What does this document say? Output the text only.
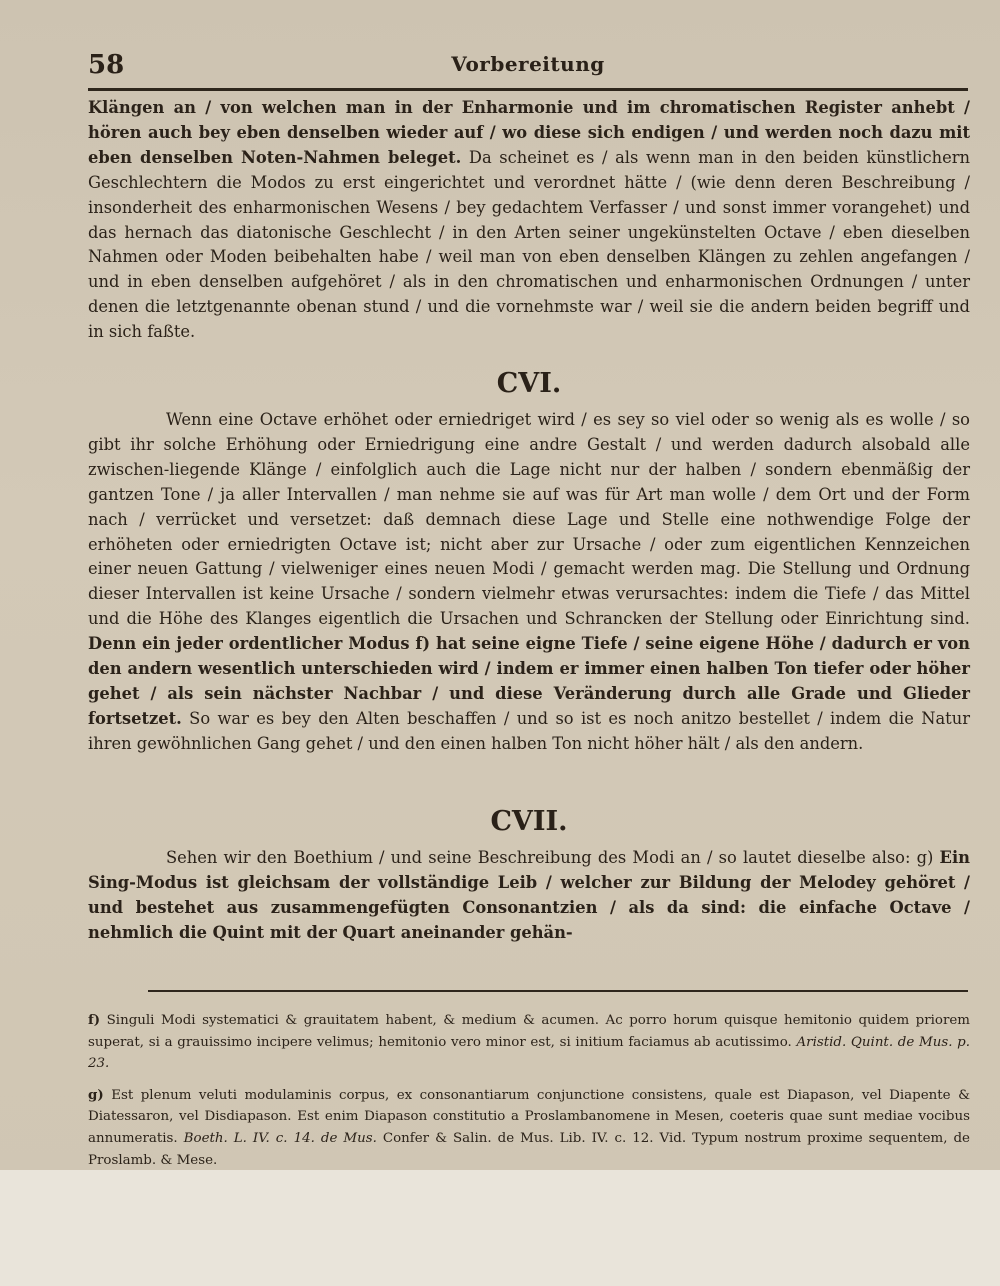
58	Vorbereitung

Klängen an / von welchen man in der Enharmonie und im chromatischen Register anhebt / hören auch bey eben denselben wieder auf / wo diese sich endigen / und werden noch dazu mit eben denselben Noten-Nahmen beleget. Da scheinet es / als wenn man in den beiden künstlichern Geschlechtern die Modos zu erst eingerichtet und verordnet hätte / (wie denn deren Beschreibung / insonderheit des enharmonischen Wesens / bey gedachtem Verfasser / und sonst immer vorangehet) und das hernach das diatonische Geschlecht / in den Arten seiner ungekünstelten Octave / eben dieselben Nahmen oder Moden beibehalten habe / weil man von eben denselben Klängen zu zehlen angefangen / und in eben denselben aufgehöret / als in den chromatischen und enharmonischen Ordnungen / unter denen die letztgenannte obenan stund / und die vornehmste war / weil sie die andern beiden begriff und in sich faßte.

CVI.

Wenn eine Octave erhöhet oder erniedriget wird / es sey so viel oder so wenig als es wolle / so gibt ihr solche Erhöhung oder Erniedrigung eine andre Gestalt / und werden dadurch alsobald alle zwischen-liegende Klänge / einfolglich auch die Lage nicht nur der halben / sondern ebenmäßig der gantzen Tone / ja aller Intervallen / man nehme sie auf was für Art man wolle / dem Ort und der Form nach / verrücket und versetzet: daß demnach diese Lage und Stelle eine nothwendige Folge der erhöheten oder erniedrigten Octave ist; nicht aber zur Ursache / oder zum eigentlichen Kennzeichen einer neuen Gattung / vielweniger eines neuen Modi / gemacht werden mag. Die Stellung und Ordnung dieser Intervallen ist keine Ursache / sondern vielmehr etwas verursachtes: indem die Tiefe / das Mittel und die Höhe des Klanges eigentlich die Ursachen und Schrancken der Stellung oder Einrichtung sind. Denn ein jeder ordentlicher Modus f) hat seine eigne Tiefe / seine eigene Höhe / dadurch er von den andern wesentlich unterschieden wird / indem er immer einen halben Ton tiefer oder höher gehet / als sein nächster Nachbar / und diese Veränderung durch alle Grade und Glieder fortsetzet. So war es bey den Alten beschaffen / und so ist es noch anitzo bestellet / indem die Natur ihren gewöhnlichen Gang gehet / und den einen halben Ton nicht höher hält / als den andern.

CVII.

Sehen wir den Boethium / und seine Beschreibung des Modi an / so lautet dieselbe also: g) Ein Sing-Modus ist gleichsam der vollständige Leib / welcher zur Bildung der Melodey gehöret / und bestehet aus zusammengefügten Consonantzien / als da sind: die einfache Octave / nehmlich die Quint mit der Quart aneinander gehän-

f) Singuli Modi systematici & grauitatem habent, & medium & acumen. Ac porro horum quisque hemitonio quidem priorem superat, si a grauissimo incipere velimus; hemitonio vero minor est, si initium faciamus ab acutissimo. Aristid. Quint. de Mus. p. 23.

g) Est plenum veluti modulaminis corpus, ex consonantiarum conjunctione consistens, quale est Diapason, vel Diapente & Diatessaron, vel Disdiapason. Est enim Diapason constitutio a Proslambanomene in Mesen, coeteris quae sunt mediae vocibus annumeratis. Boeth. L. IV. c. 14. de Mus. Confer & Salin. de Mus. Lib. IV. c. 12. Vid. Typum nostrum proxime sequentem, de Proslamb. & Mese.
